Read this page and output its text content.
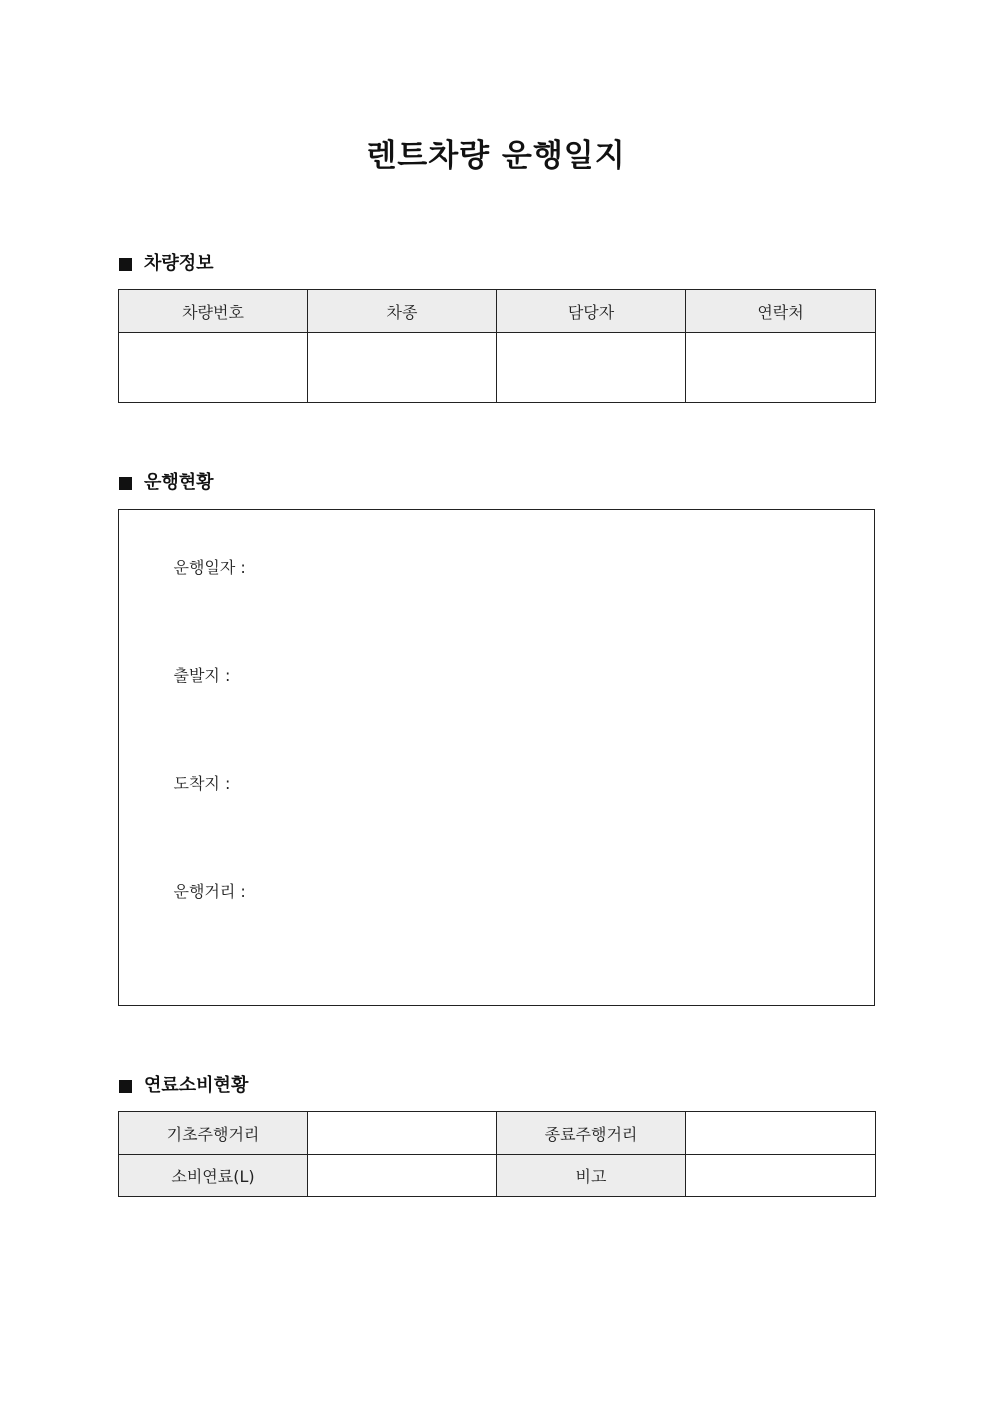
렌트차량 운행일지
차량정보
차량번호	차종	담당자	연락처

운행현황

운행일자 :

출발지 :

도착지 :

운행거리 :

연료소비현황
기초주행거리		종료주행거리	
소비연료(L)		비고	
